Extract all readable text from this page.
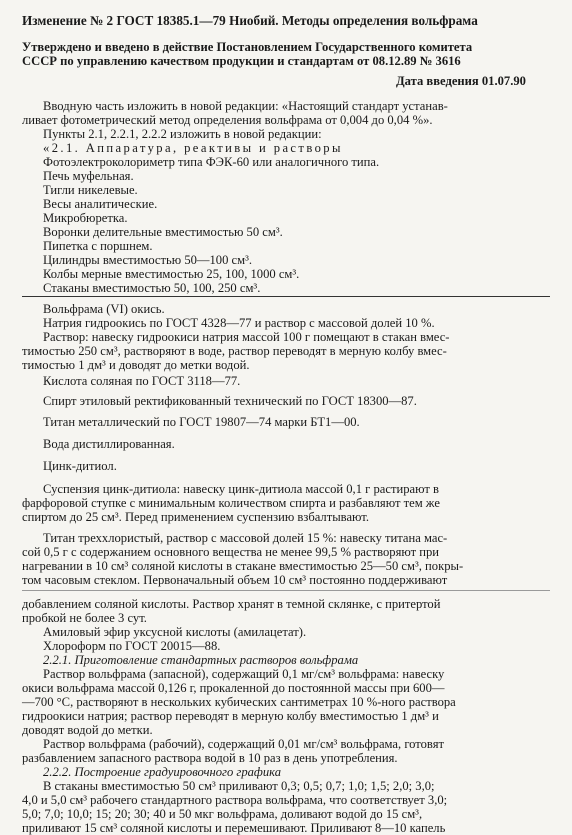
Изменение № 2 ГОСТ 18385.1—79 Ниобий. Методы определения вольфрама
Утверждено и введено в действие Постановлением Государственного комитета
СССР по управлению качеством продукции и стандартам от 08.12.89 № 3616
Дата введения 01.07.90
Вводную часть изложить в новой редакции: «Настоящий стандарт устанав-
ливает фотометрический метод определения вольфрама от 0,004 до 0,04 %».
Пункты 2.1, 2.2.1, 2.2.2 изложить в новой редакции:
«2.1. Аппаратура, реактивы и растворы
Фотоэлектроколориметр типа ФЭК-60 или аналогичного типа.
Печь муфельная.
Тигли никелевые.
Весы аналитические.
Микробюретка.
Воронки делительные вместимостью 50 см³.
Пипетка с поршнем.
Цилиндры вместимостью 50—100 см³.
Колбы мерные вместимостью 25, 100, 1000 см³.
Стаканы вместимостью 50, 100, 250 см³.
Вольфрама (VI) окись.
Натрия гидроокись по ГОСТ 4328—77 и раствор с массовой долей 10 %.
Раствор: навеску гидроокиси натрия массой 100 г помещают в стакан вмес-
тимостью 250 см³, растворяют в воде, раствор переводят в мерную колбу вмес-
тимостью 1 дм³ и доводят до метки водой.
Кислота соляная по ГОСТ 3118—77.
Спирт этиловый ректификованный технический по ГОСТ 18300—87.
Титан металлический по ГОСТ 19807—74 марки БТ1—00.
Вода дистиллированная.
Цинк-дитиол.
Суспензия цинк-дитиола: навеску цинк-дитиола массой 0,1 г растирают в
фарфоровой ступке с минимальным количеством спирта и разбавляют тем же
спиртом до 25 см³. Перед применением суспензию взбалтывают.
Титан треххлористый, раствор с массовой долей 15 %: навеску титана мас-
сой 0,5 г с содержанием основного вещества не менее 99,5 % растворяют при
нагревании в 10 см³ соляной кислоты в стакане вместимостью 25—50 см³, покры-
том часовым стеклом. Первоначальный объем 10 см³ постоянно поддерживают
добавлением соляной кислоты. Раствор хранят в темной склянке, с притертой
пробкой не более 3 сут.
Амиловый эфир уксусной кислоты (амилацетат).
Хлороформ по ГОСТ 20015—88.
2.2.1. Приготовление стандартных растворов вольфрама
Раствор вольфрама (запасной), содержащий 0,1 мг/см³ вольфрама: навеску
окиси вольфрама массой 0,126 г, прокаленной до постоянной массы при 600—
—700 °С, растворяют в нескольких кубических сантиметрах 10 %-ного раствора
гидроокиси натрия; раствор переводят в мерную колбу вместимостью 1 дм³ и
доводят водой до метки.
Раствор вольфрама (рабочий), содержащий 0,01 мг/см³ вольфрама, готовят
разбавлением запасного раствора водой в 10 раз в день употребления.
2.2.2. Построение градуировочного графика
В стаканы вместимостью 50 см³ приливают 0,3; 0,5; 0,7; 1,0; 1,5; 2,0; 3,0;
4,0 и 5,0 см³ рабочего стандартного раствора вольфрама, что соответствует 3,0;
5,0; 7,0; 10,0; 15; 20; 30; 40 и 50 мкг вольфрама, доливают водой до 15 см³,
приливают 15 см³ соляной кислоты и перемешивают. Приливают 8—10 капель
